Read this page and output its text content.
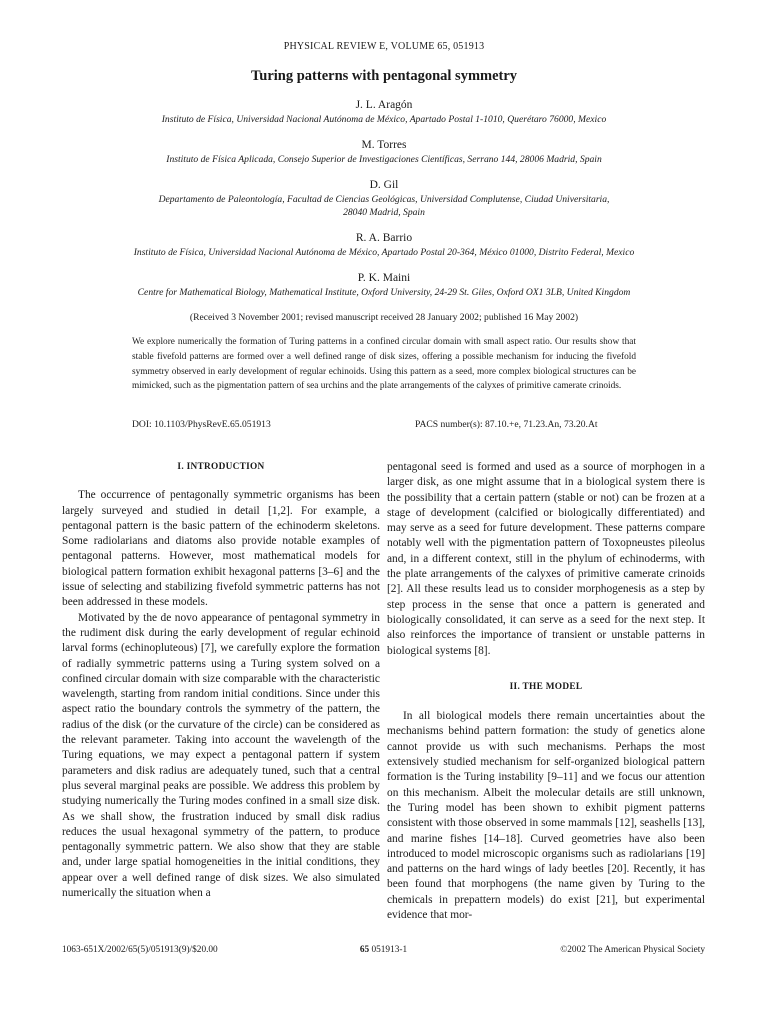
PHYSICAL REVIEW E, VOLUME 65, 051913
Turing patterns with pentagonal symmetry
J. L. Aragón
Instituto de Física, Universidad Nacional Autónoma de México, Apartado Postal 1-1010, Querétaro 76000, Mexico
M. Torres
Instituto de Física Aplicada, Consejo Superior de Investigaciones Científicas, Serrano 144, 28006 Madrid, Spain
D. Gil
Departamento de Paleontología, Facultad de Ciencias Geológicas, Universidad Complutense, Ciudad Universitaria, 28040 Madrid, Spain
R. A. Barrio
Instituto de Física, Universidad Nacional Autónoma de México, Apartado Postal 20-364, México 01000, Distrito Federal, Mexico
P. K. Maini
Centre for Mathematical Biology, Mathematical Institute, Oxford University, 24-29 St. Giles, Oxford OX1 3LB, United Kingdom
(Received 3 November 2001; revised manuscript received 28 January 2002; published 16 May 2002)
We explore numerically the formation of Turing patterns in a confined circular domain with small aspect ratio. Our results show that stable fivefold patterns are formed over a well defined range of disk sizes, offering a possible mechanism for inducing the fivefold symmetry observed in early development of regular echinoids. Using this pattern as a seed, more complex biological structures can be mimicked, such as the pigmentation pattern of sea urchins and the plate arrangements of the calyxes of primitive camerate crinoids.
DOI: 10.1103/PhysRevE.65.051913	PACS number(s): 87.10.+e, 71.23.An, 73.20.At
I. INTRODUCTION

The occurrence of pentagonally symmetric organisms has been largely surveyed and studied in detail [1,2]. For example, a pentagonal pattern is the basic pattern of the echinoderm skeletons. Some radiolarians and diatoms also provide notable examples of pentagonal patterns. However, most mathematical models for biological pattern formation exhibit hexagonal patterns [3–6] and the issue of selecting and stabilizing fivefold symmetric patterns has not been addressed in these models.

Motivated by the de novo appearance of pentagonal symmetry in the rudiment disk during the early development of regular echinoid larval forms (echinopluteous) [7], we carefully explore the formation of radially symmetric patterns using a Turing system solved on a confined circular domain with size comparable with the characteristic wavelength, starting from random initial conditions. Since under this aspect ratio the boundary controls the symmetry of the pattern, the radius of the disk (or the curvature of the circle) can be considered as the relevant parameter. Taking into account the wavelength of the Turing equations, we may expect a pentagonal pattern if system parameters and disk radius are adequately tuned, such that a central plus several marginal peaks are possible. We address this problem by studying numerically the Turing modes confined in a small size disk. As we shall show, the frustration induced by small disk radius reduces the usual hexagonal symmetry of the pattern, to produce pentagonally symmetric pattern. We also show that they are stable and, under large spatial homogeneities in the initial conditions, they appear over a well defined range of disk sizes. We also simulated numerically the situation when a

pentagonal seed is formed and used as a source of morphogen in a larger disk, as one might assume that in a biological system there is the possibility that a certain pattern (stable or not) can be frozen at a stage of development (calcified or biologically differentiated) and may serve as a seed for future development. These patterns compare notably well with the pigmentation pattern of Toxopneustes pileolus and, in a different context, still in the phylum of echinoderms, with the plate arrangements of the calyxes of primitive camerate crinoids [2]. All these results lead us to consider morphogenesis as a step by step process in the sense that once a pattern is generated and biologically consolidated, it can serve as a seed for the next step. It also reinforces the importance of transient or unstable patterns in biological systems [8].

II. THE MODEL

In all biological models there remain uncertainties about the mechanisms behind pattern formation: the study of genetics alone cannot provide us with such mechanisms. Perhaps the most extensively studied mechanism for self-organized biological pattern formation is the Turing instability [9–11] and we focus our attention on this mechanism. Albeit the molecular details are still unknown, the Turing model has been shown to exhibit pigment patterns consistent with those observed in some mammals [12], seashells [13], and marine fishes [14–18]. Curved geometries have also been introduced to model microscopic organisms such as radiolarians [19] and patterns on the hard wings of lady beetles [20]. Recently, it has been found that morphogens (the name given by Turing to the chemicals in prepattern models) do exist [21], but experimental evidence that mor-

1063-651X/2002/65(5)/051913(9)/$20.00	65 051913-1	©2002 The American Physical Society
